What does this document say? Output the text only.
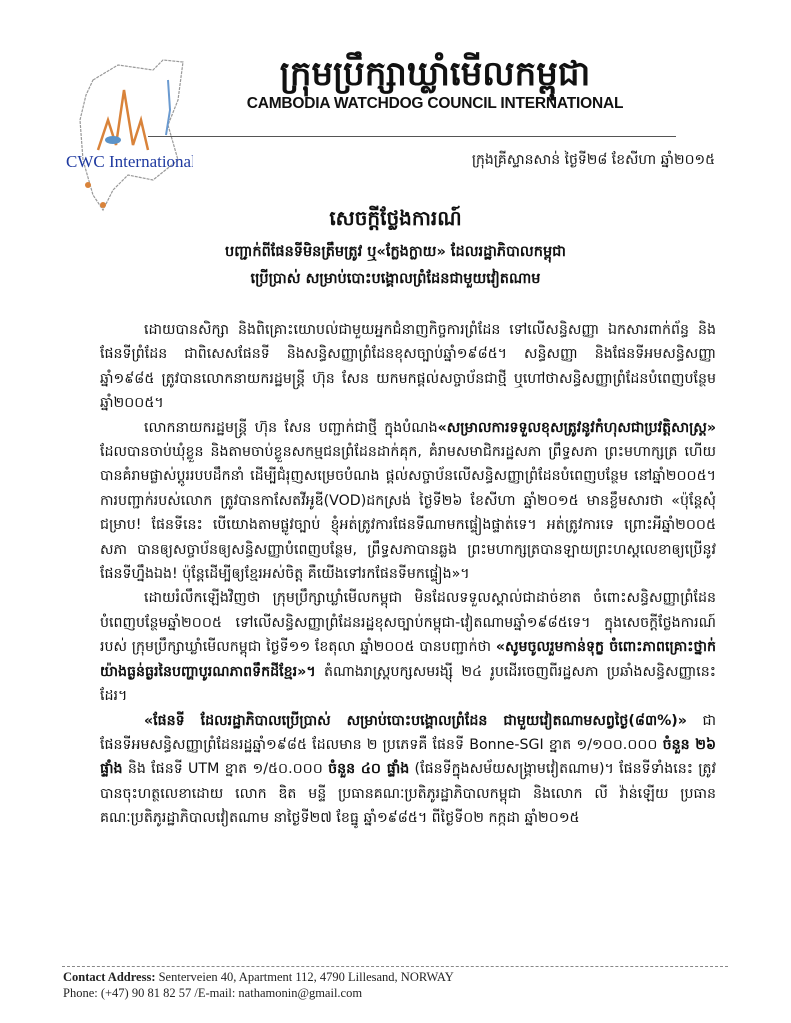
CWC International
ក្រុមប្រឹក្សាឃ្លាំមើលកម្ពុជា
CAMBODIA WATCHDOG COUNCIL INTERNATIONAL
ក្រុងគ្រីស្ទានសាន់ ថ្ងៃទី២៨ ខែសីហា ឆ្នាំ២០១៥
សេចក្តីថ្លែងការណ៍
បញ្ជាក់ពីផែនទីមិនត្រឹមត្រូវ ឬ«ក្លែងក្លាយ» ដែលរដ្ឋាភិបាលកម្ពុជា
ប្រើប្រាស់ សម្រាប់បោះបង្គោលព្រំដែនជាមួយវៀតណាម

ដោយបានសិក្សា និងពិគ្រោះយោបល់ជាមួយអ្នកជំនាញកិច្ចការព្រំដែន ទៅលើសន្ធិសញ្ញា ឯកសារពាក់ព័ន្ធ និងផែនទីព្រំដែន ជាពិសេសផែនទី និងសន្ធិសញ្ញាព្រំដែនខុសច្បាប់ឆ្នាំ១៩៨៥។ សន្ធិសញ្ញា និងផែនទីអមសន្ធិសញ្ញា ឆ្នាំ១៩៨៥ ត្រូវបានលោកនាយករដ្ឋមន្ត្រី ហ៊ុន សែន យកមកផ្តល់សច្ចាប័នជាថ្មី ឬហៅថាសន្ធិសញ្ញាព្រំដែនបំពេញបន្ថែម ឆ្នាំ២០០៥។

លោកនាយករដ្ឋមន្ត្រី ហ៊ុន សែន បញ្ជាក់ជាថ្មី ក្នុងបំណង«សម្រាលការទទួលខុសត្រូវនូវកំហុសជាប្រវត្តិសាស្រ្ត» ដែលបានចាប់ឃុំខ្លួន និងតាមចាប់ខ្លួនសកម្មជនព្រំដែនដាក់គុក, គំរាមសមាជិករដ្ឋសភា ព្រឹទ្ធសភា ព្រះមហាក្សត្រ ហើយ បានគំរាមផ្លាស់ប្តូររបបដឹកនាំ ដើម្បីជំរុញសម្រេចបំណង ផ្តល់សច្ចាប័នលើសន្ធិសញ្ញាព្រំដែនបំពេញបន្ថែម នៅឆ្នាំ២០០៥។ ការបញ្ជាក់របស់លោក ត្រូវបានកាសែតវីអូឌី(VOD)ដកស្រង់ ថ្ងៃទី២៦ ខែសីហា ឆ្នាំ២០១៥ មានខ្លឹមសារថា «ប៉ុន្តែសុំជម្រាប! ផែនទីនេះ បើយោងតាមផ្លូវច្បាប់ ខ្ញុំអត់ត្រូវការផែនទីណាមកផ្ទៀងផ្ទាត់ទេ។ អត់ត្រូវការទេ ព្រោះអីឆ្នាំ២០០៥ សភា បានឲ្យសច្ចាប័នឲ្យសន្ធិសញ្ញាបំពេញបន្ថែម, ព្រឹទ្ធសភាបានឆ្លង ព្រះមហាក្សត្របានឡាយព្រះហស្តលេខាឲ្យប្រើនូវផែនទីហ្នឹងឯង! ប៉ុន្តែដើម្បីឲ្យខ្មែរអស់ចិត្ត គឺយើងទៅរកផែនទីមកផ្ទៀង»។

ដោយរំលឹកឡើងវិញថា ក្រុមប្រឹក្សាឃ្លាំមើលកម្ពុជា មិនដែលទទួលស្គាល់ជាដាច់ខាត ចំពោះសន្ធិសញ្ញាព្រំដែនបំពេញបន្ថែមឆ្នាំ២០០៥ ទៅលើសន្ធិសញ្ញាព្រំដែនរដ្ឋខុសច្បាប់កម្ពុជា-វៀតណាមឆ្នាំ១៩៨៥ទេ។ ក្នុងសេចក្តីថ្លែងការណ៍របស់ ក្រុមប្រឹក្សាឃ្លាំមើលកម្ពុជា ថ្ងៃទី១១ ខែតុលា ឆ្នាំ២០០៥ បានបញ្ជាក់ថា «សូមចូលរួមកាន់ទុក្ខ ចំពោះភាពគ្រោះថ្នាក់យ៉ាងធ្ងន់ធ្ងរនៃបញ្ហាបូរណភាពទឹកដីខ្មែរ»។ តំណាងរាស្ត្របក្សសមរង្ស៊ី ២៤ រូបដើរចេញពីរដ្ឋសភា ប្រឆាំងសន្ធិសញ្ញានេះដែរ។

«ផែនទី ដែលរដ្ឋាភិបាលប្រើប្រាស់ សម្រាប់បោះបង្គោលព្រំដែន ជាមួយវៀតណាមសព្វថ្ងៃ(៨៣%)» ជាផែនទីអមសន្ធិសញ្ញាព្រំដែនរដ្ឋឆ្នាំ១៩៨៥ ដែលមាន ២ ប្រភេទគឺ ផែនទី Bonne-SGI ខ្នាត ១/១០០.០០០ ចំនួន ២៦ ផ្ទាំង និង ផែនទី UTM ខ្នាត ១/៥០.០០០ ចំនួន ៤០ ផ្ទាំង (ផែនទីក្នុងសម័យសង្គ្រាមវៀតណាម)។ ផែនទីទាំងនេះ ត្រូវបានចុះហត្ថលេខាដោយ លោក ឌិត មន្ទី ប្រធានគណៈប្រតិភូរដ្ឋាភិបាលកម្ពុជា និងលោក លី វ៉ាន់ឡើយ ប្រធានគណៈប្រតិភូរដ្ឋាភិបាលវៀតណាម នាថ្ងៃទី២៧ ខែធ្នូ ឆ្នាំ១៩៨៥។ ពីថ្ងៃទី០២ កក្កដា ឆ្នាំ២០១៥

Contact Address: Senterveien 40, Apartment 112, 4790 Lillesand, NORWAY
Phone: (+47) 90 81 82 57 /E-mail: nathamonin@gmail.com
